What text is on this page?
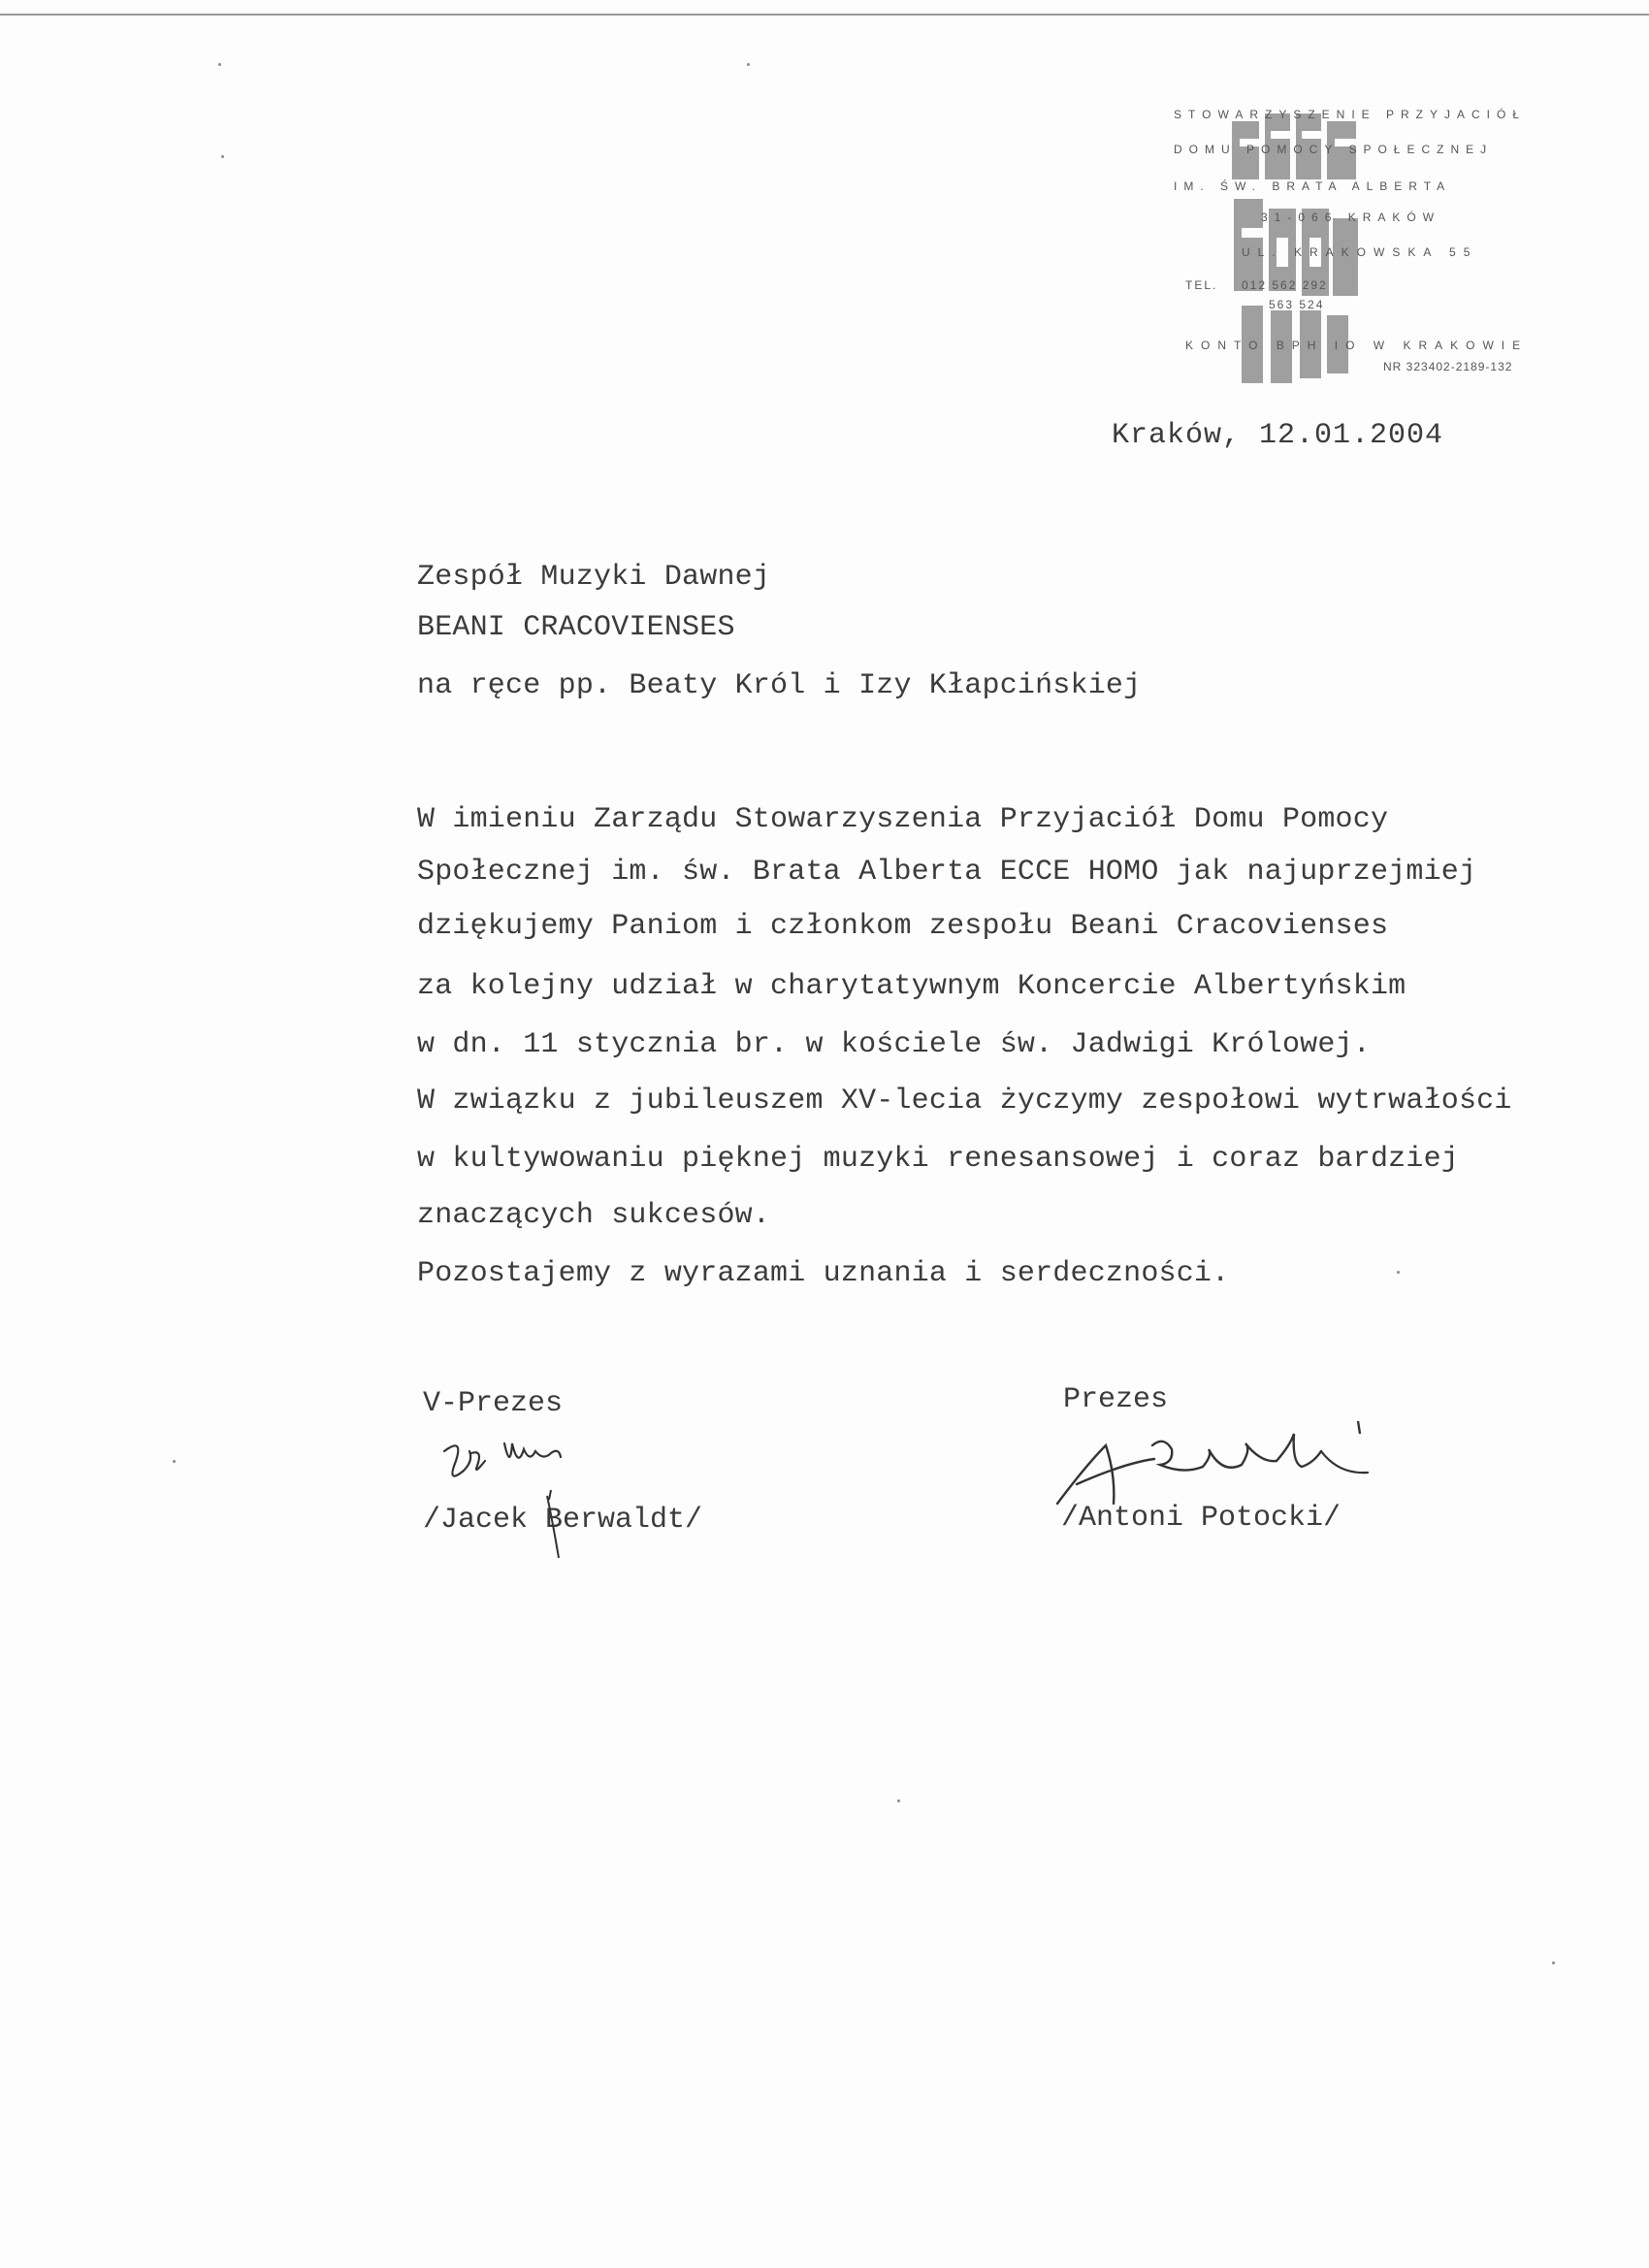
STOWARZYSZENIE PRZYJACIÓŁ
DOMU POMOCY SPOŁECZNEJ
IM. ŚW. BRATA ALBERTA
31-066 KRAKÓW
UL. KRAKOWSKA 55
TEL. 012 562 292
563 524
KONTO BPH IO W KRAKOWIE
NR 323402-2189-132
Kraków, 12.01.2004
Zespół Muzyki Dawnej
BEANI CRACOVIENSES
na ręce pp. Beaty Król i Izy Kłapcińskiej
W imieniu Zarządu Stowarzyszenia Przyjaciół Domu Pomocy
Społecznej im. św. Brata Alberta ECCE HOMO jak najuprzejmiej
dziękujemy Paniom i członkom zespołu Beani Cracovienses
za kolejny udział w charytatywnym Koncercie Albertyńskim
w dn. 11 stycznia br. w kościele św. Jadwigi Królowej.
W związku z jubileuszem XV-lecia życzymy zespołowi wytrwałości
w kultywowaniu pięknej muzyki renesansowej i coraz bardziej
znaczących sukcesów.
Pozostajemy z wyrazami uznania i serdeczności.
V-Prezes
/Jacek Berwaldt/
Prezes
/Antoni Potocki/
